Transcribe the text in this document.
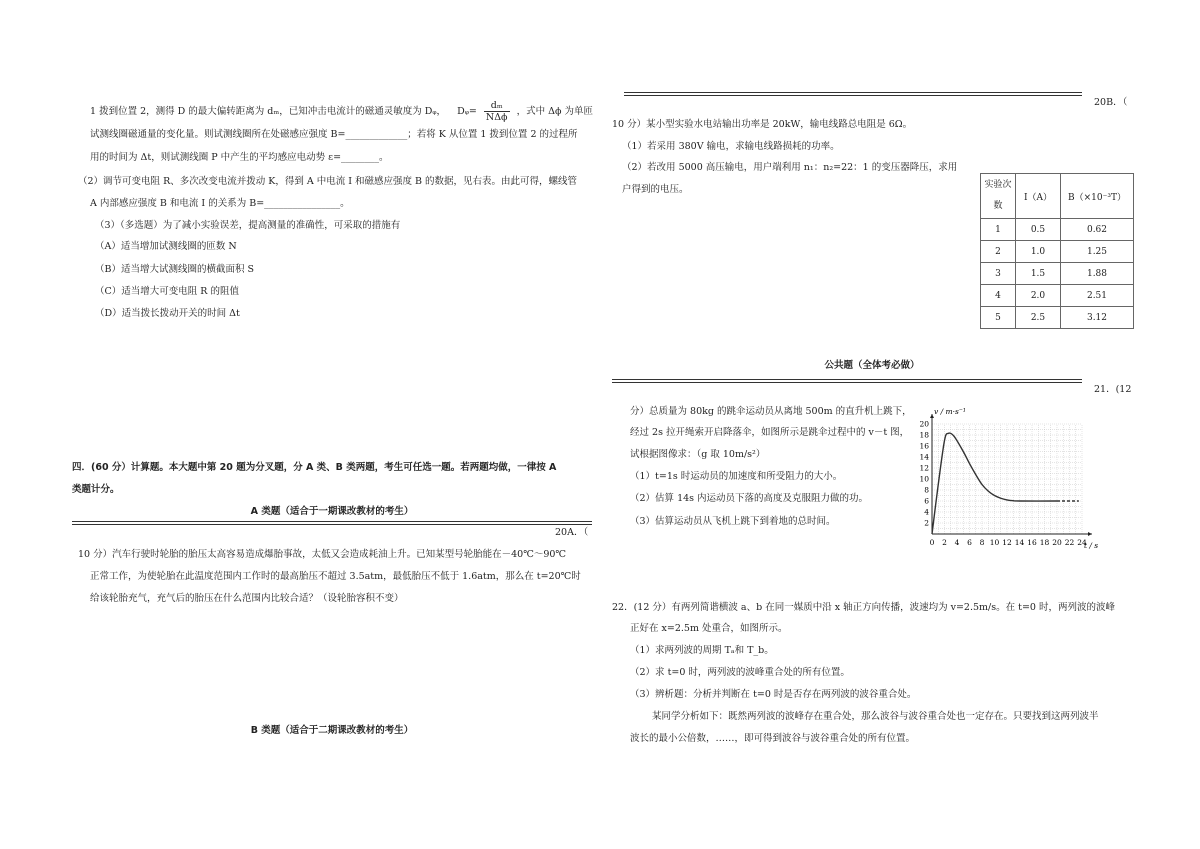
1 拨到位置 2，测得 D 的最大偏转距离为 dₘ，已知冲击电流计的磁通灵敏度为 Dᵩ， Dᵩ= $\frac{\text{dₘ}}{\text{NΔϕ}}$ ，式中 Δϕ 为单匝
试测线圈磁通量的变化量。则试测线圈所在处磁感应强度 B=_____________；若将 K 从位置 1 拨到位置 2 的过程所
用的时间为 Δt，则试测线圈 P 中产生的平均感应电动势 ε=________。
（2）调节可变电阻 R、多次改变电流并拨动 K，得到 A 中电流 I 和磁感应强度 B 的数据，见右表。由此可得，螺线管
A 内部感应强度 B 和电流 I 的关系为 B=________________。
（3）（多选题）为了减小实验误差，提高测量的准确性，可采取的措施有
（A）适当增加试测线圈的匝数 N
（B）适当增大试测线圈的横截面积 S
（C）适当增大可变电阻 R 的阻值
（D）适当拨长拨动开关的时间 Δt
四．(60 分）计算题。本大题中第 20 题为分叉题，分 A 类、B 类两题，考生可任选一题。若两题均做，一律按 A
类题计分。
A 类题（适合于一期课改教材的考生）
20A．（
10 分）汽车行驶时轮胎的胎压太高容易造成爆胎事故，太低又会造成耗油上升。已知某型号轮胎能在－40℃～90℃
正常工作，为使轮胎在此温度范围内工作时的最高胎压不超过 3.5atm，最低胎压不低于 1.6atm，那么在 t=20℃时
给该轮胎充气，充气后的胎压在什么范围内比较合适？（设轮胎容积不变）
B 类题（适合于二期课改教材的考生）
20B．（
10 分）某小型实验水电站输出功率是 20kW，输电线路总电阻是 6Ω。
（1）若采用 380V 输电，求输电线路损耗的功率。
（2）若改用 5000 高压输电，用户端利用 n₁：n₂=22：1 的变压器降压，求用
户得到的电压。	实验次数	I（A）	B（×10⁻³T）
1	0.5	0.62
2	1.0	1.25
3	1.5	1.88
4	2.0	2.51
5	2.5	3.12
公共题（全体考必做）
21．(12
分）总质量为 80kg 的跳伞运动员从离地 500m 的直升机上跳下，
经过 2s 拉开绳索开启降落伞，如图所示是跳伞过程中的 v－t 图，
试根据图像求：（g 取 10m/s²）
（1）t=1s 时运动员的加速度和所受阻力的大小。
（2）估算 14s 内运动员下落的高度及克服阻力做的功。
（3）估算运动员从飞机上跳下到着地的总时间。
0 2 4 6 8 10 12 14 16 18 20 22 24
2
4
6
8
10
12
14
16
18
20
v / m·s⁻¹
t / s
22．(12 分）有两列简谐横波 a、b 在同一媒质中沿 x 轴正方向传播，波速均为 v=2.5m/s。在 t=0 时，两列波的波峰
正好在 x=2.5m 处重合，如图所示。
（1）求两列波的周期 Tₐ和 T_b。
（2）求 t=0 时，两列波的波峰重合处的所有位置。
（3）辨析题：分析并判断在 t=0 时是否存在两列波的波谷重合处。
某同学分析如下：既然两列波的波峰存在重合处，那么波谷与波谷重合处也一定存在。只要找到这两列波半
波长的最小公倍数，……，即可得到波谷与波谷重合处的所有位置。
